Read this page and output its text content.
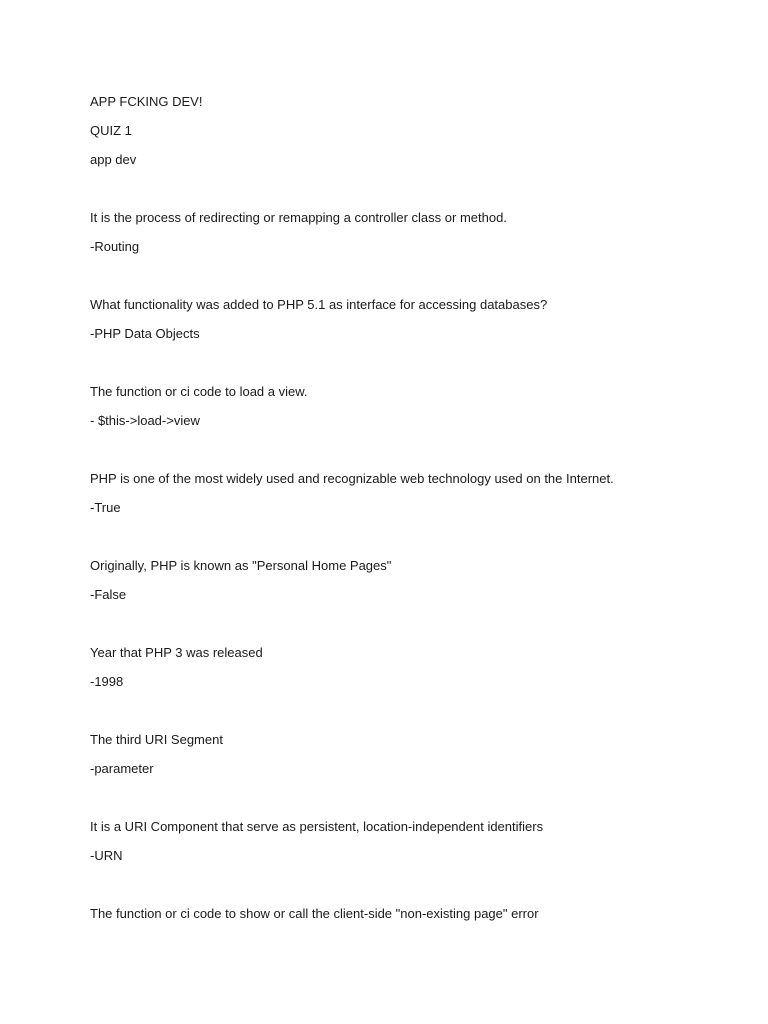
APP FCKING DEV!

QUIZ 1

app dev

It is the process of redirecting or remapping a controller class or method.

-Routing

What functionality was added to PHP 5.1 as interface for accessing databases?

-PHP Data Objects

The function or ci code to load a view.

- $this->load->view

PHP is one of the most widely used and recognizable web technology used on the Internet.

-True

Originally, PHP is known as "Personal Home Pages"

-False

Year that PHP 3 was released

-1998

The third URI Segment

-parameter

It is a URI Component that serve as persistent, location-independent identifiers

-URN

The function or ci code to show or call the client-side "non-existing page" error
